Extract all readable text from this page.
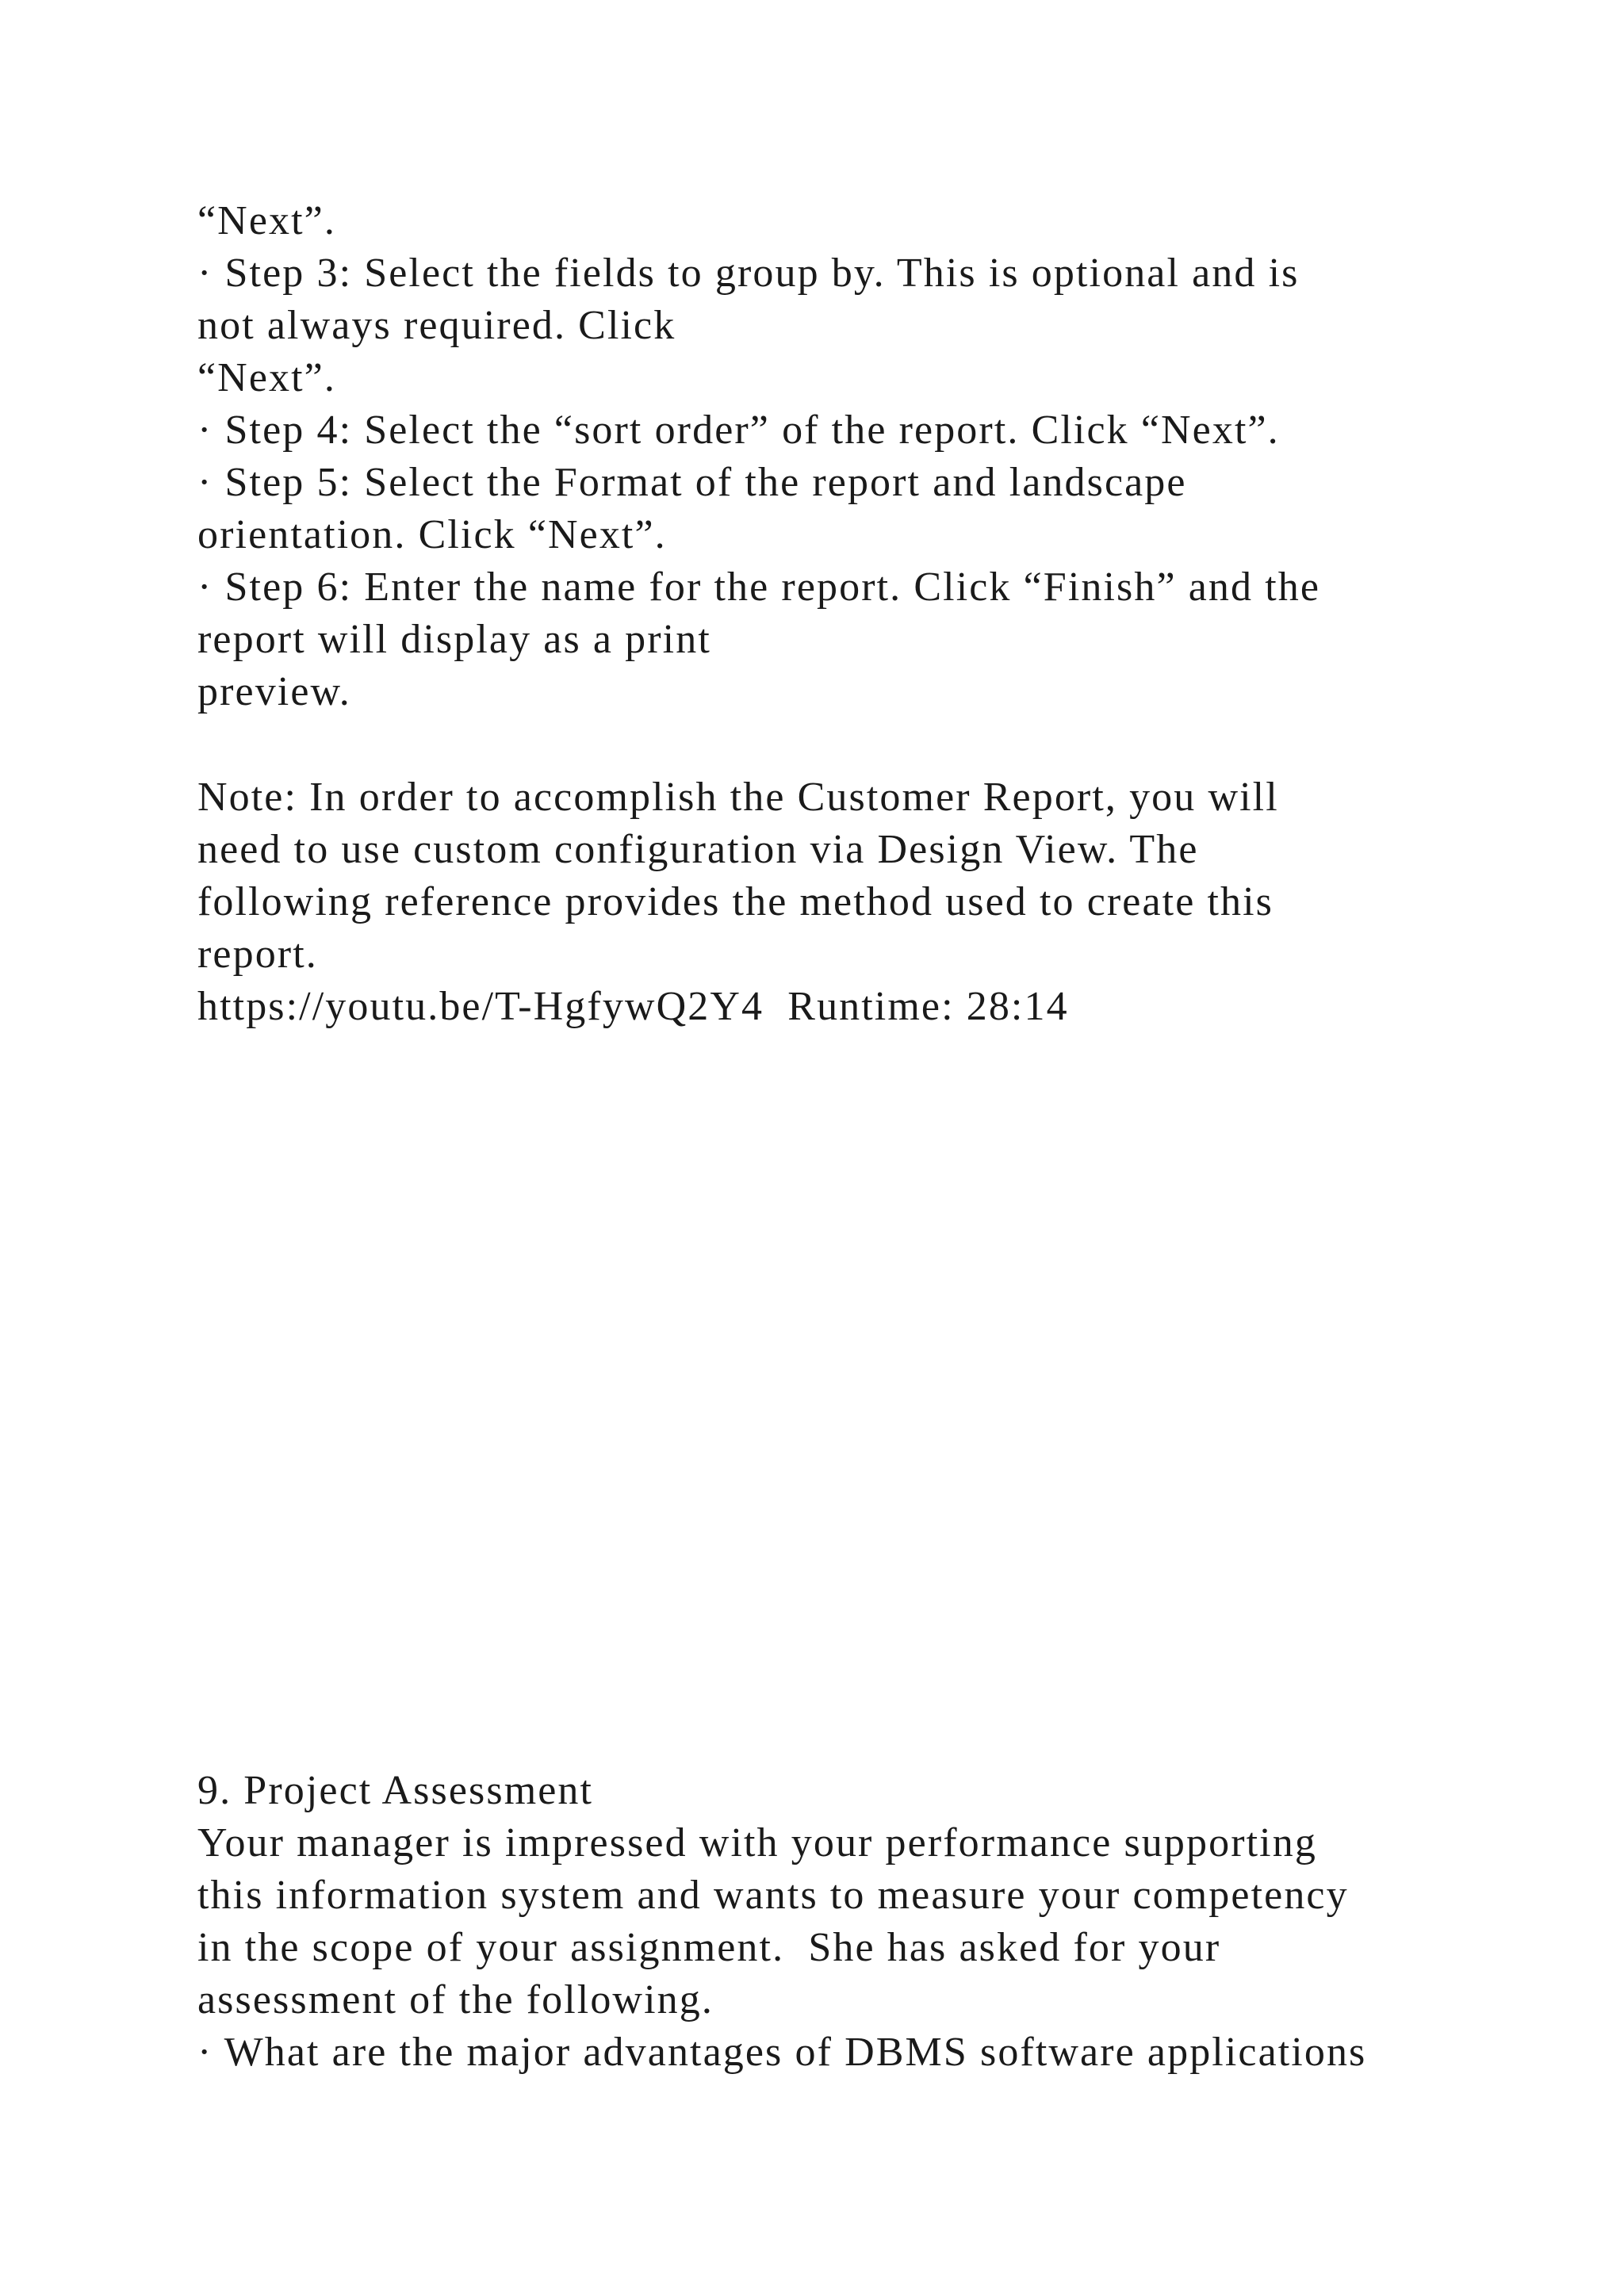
“Next”.
· Step 3: Select the fields to group by. This is optional and is
not always required. Click
“Next”.
· Step 4: Select the “sort order” of the report. Click “Next”.
· Step 5: Select the Format of the report and landscape
orientation. Click “Next”.
· Step 6: Enter the name for the report. Click “Finish” and the
report will display as a print
preview.
Note: In order to accomplish the Customer Report, you will
need to use custom configuration via Design View. The
following reference provides the method used to create this
report.
https://youtu.be/T-HgfywQ2Y4  Runtime: 28:14
9. Project Assessment
Your manager is impressed with your performance supporting
this information system and wants to measure your competency
in the scope of your assignment.  She has asked for your
assessment of the following.
· What are the major advantages of DBMS software applications
